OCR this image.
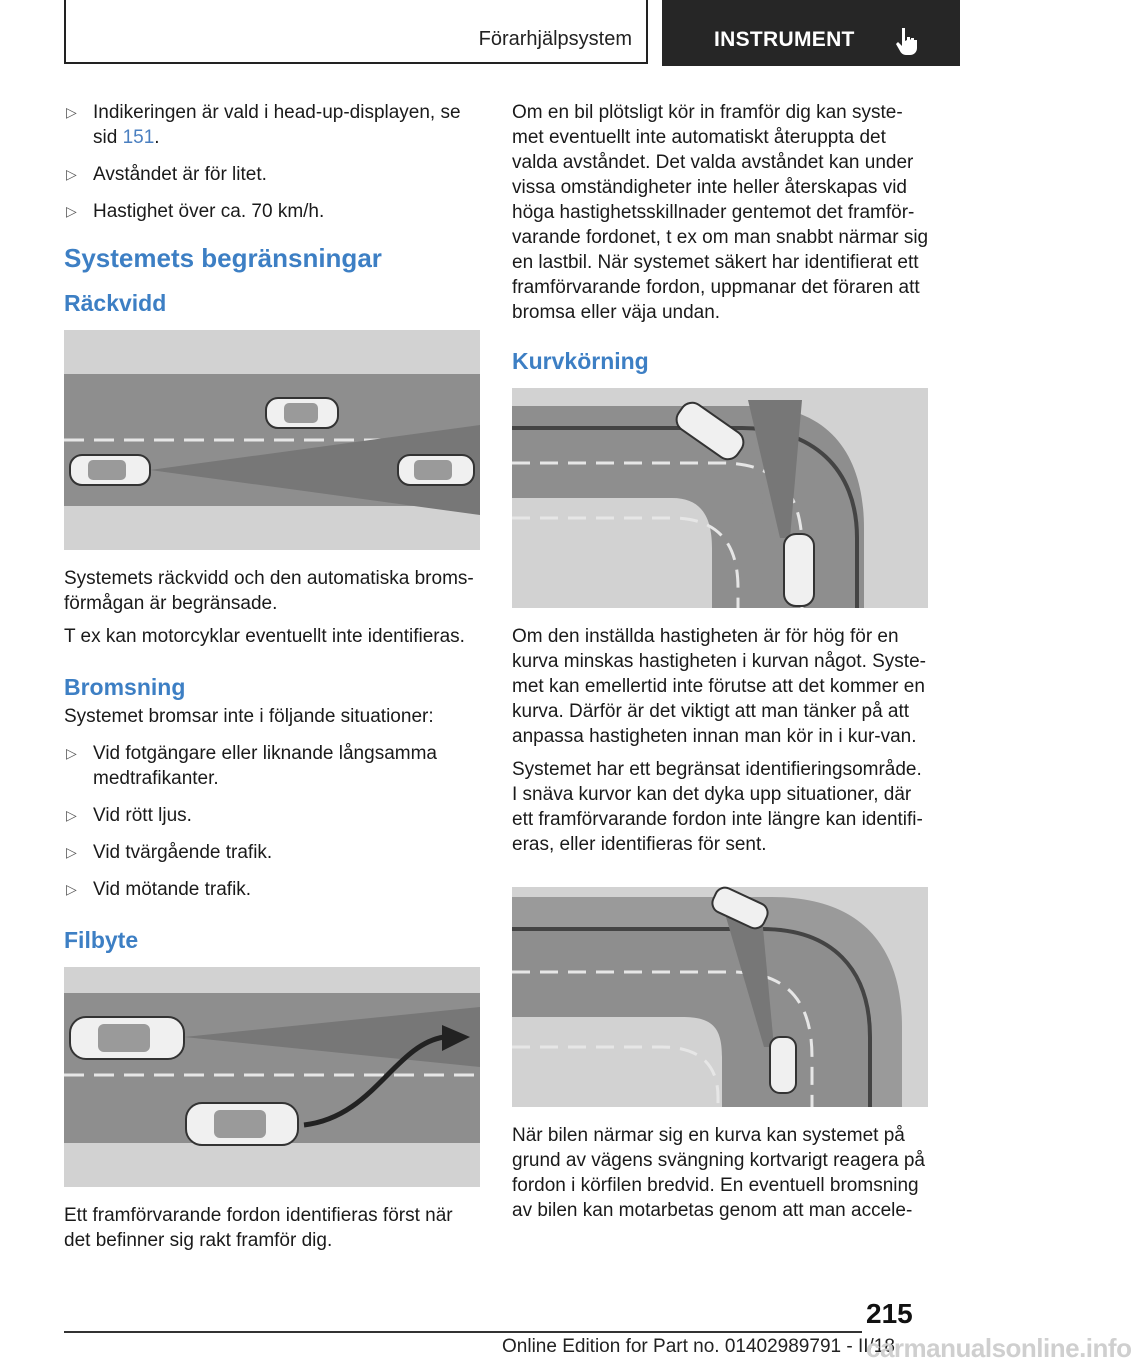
Förarhjälpsystem	INSTRUMENT
▷ Indikeringen är vald i head-up-displayen, se sid 151.
▷ Avståndet är för litet.
▷ Hastighet över ca. 70 km/h.
Systemets begränsningar
Räckvidd

Systemets räckvidd och den automatiska broms-förmågan är begränsade.

T ex kan motorcyklar eventuellt inte identifieras.

Bromsning

Systemet bromsar inte i följande situationer:

▷ Vid fotgängare eller liknande långsamma medtrafikanter.
▷ Vid rött ljus.
▷ Vid tvärgående trafik.
▷ Vid mötande trafik.
Filbyte

Ett framförvarande fordon identifieras först när det befinner sig rakt framför dig.

Om en bil plötsligt kör in framför dig kan syste-met eventuellt inte automatiskt återuppta det valda avståndet. Det valda avståndet kan under vissa omständigheter inte heller återskapas vid höga hastighetsskillnader gentemot det framför-varande fordonet, t ex om man snabbt närmar sig en lastbil. När systemet säkert har identifierat ett framförvarande fordon, uppmanar det föraren att bromsa eller väja undan.

Kurvkörning

Om den inställda hastigheten är för hög för en kurva minskas hastigheten i kurvan något. Syste-met kan emellertid inte förutse att det kommer en kurva. Därför är det viktigt att man tänker på att anpassa hastigheten innan man kör in i kur-van.

Systemet har ett begränsat identifieringsområde. I snäva kurvor kan det dyka upp situationer, där ett framförvarande fordon inte längre kan identifi-eras, eller identifieras för sent.

När bilen närmar sig en kurva kan systemet på grund av vägens svängning kortvarigt reagera på fordon i körfilen bredvid. En eventuell bromsning av bilen kan motarbetas genom att man accele-

215
Online Edition for Part no. 01402989791 - II/18
carmanualsonline.info
